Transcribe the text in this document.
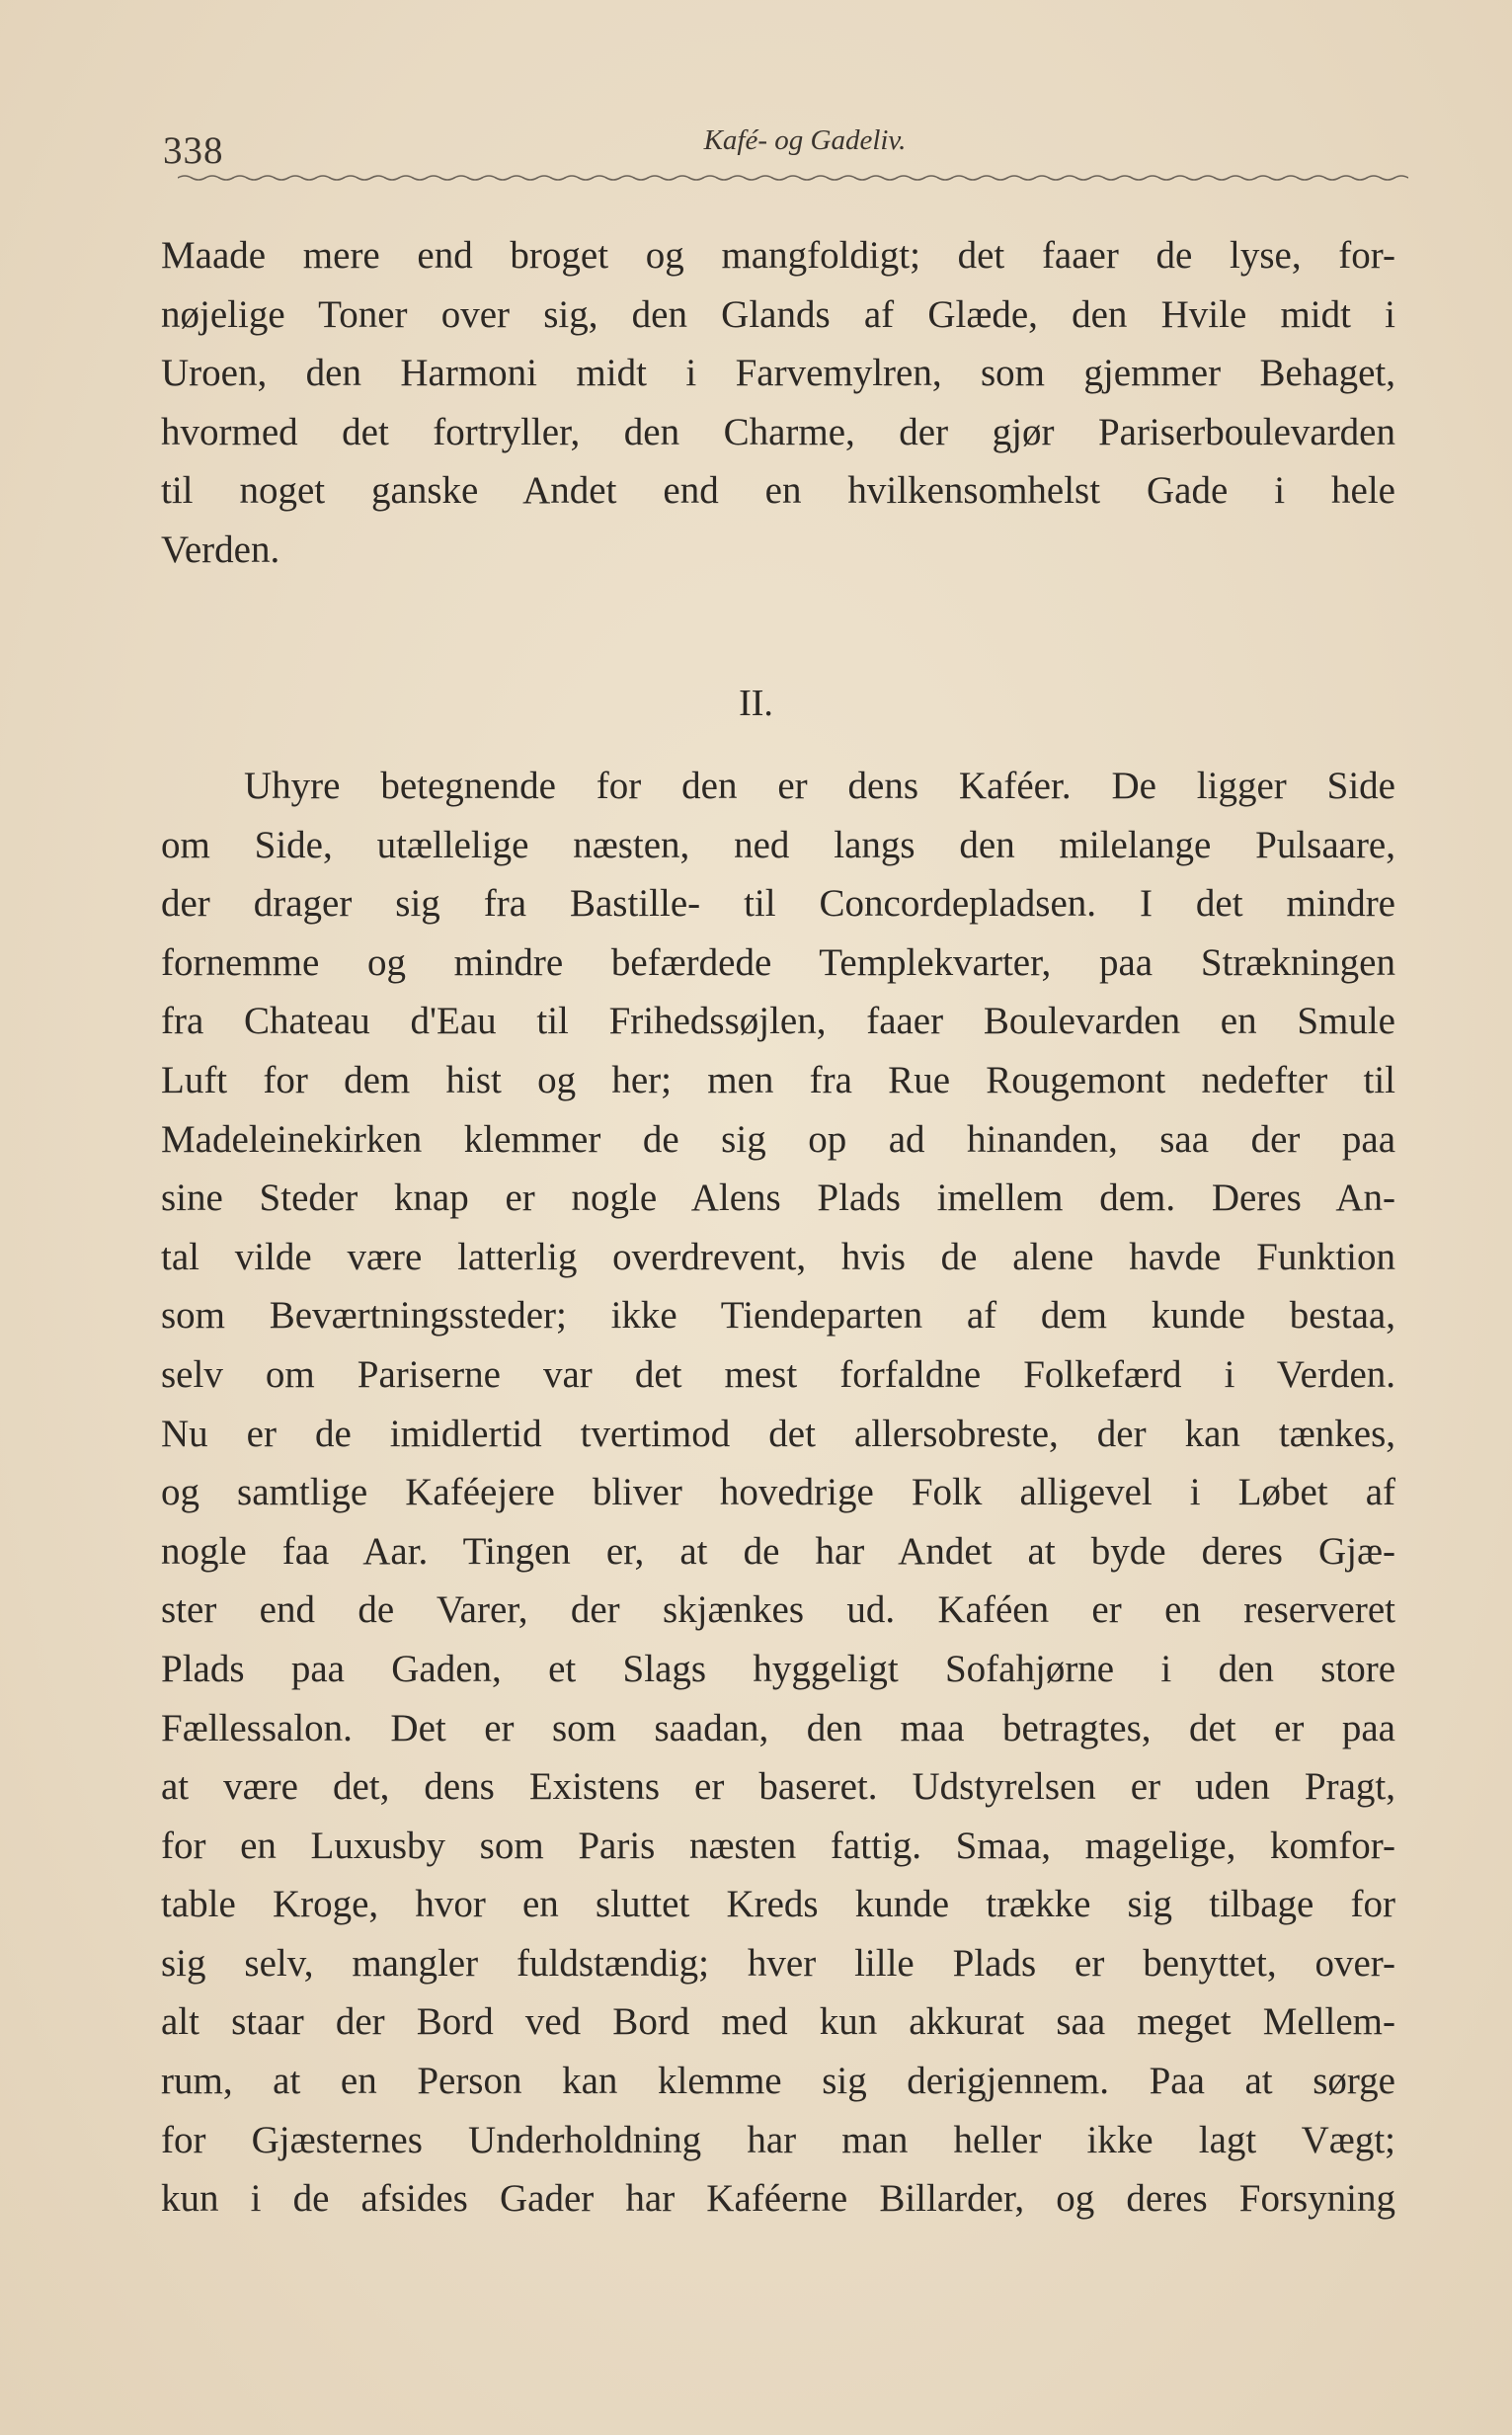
338	Kafé- og Gadeliv.
Maade mere end broget og mangfoldigt; det faaer de lyse, for-
nøjelige Toner over sig, den Glands af Glæde, den Hvile midt i
Uroen, den Harmoni midt i Farvemylren, som gjemmer Behaget,
hvormed det fortryller, den Charme, der gjør Pariserboulevarden
til noget ganske Andet end en hvilkensomhelst Gade i hele
Verden.
II.
Uhyre betegnende for den er dens Kaféer. De ligger Side
om Side, utællelige næsten, ned langs den milelange Pulsaare,
der drager sig fra Bastille- til Concordepladsen. I det mindre
fornemme og mindre befærdede Templekvarter, paa Strækningen
fra Chateau d'Eau til Frihedssøjlen, faaer Boulevarden en Smule
Luft for dem hist og her; men fra Rue Rougemont nedefter til
Madeleinekirken klemmer de sig op ad hinanden, saa der paa
sine Steder knap er nogle Alens Plads imellem dem. Deres An-
tal vilde være latterlig overdrevent, hvis de alene havde Funktion
som Beværtningssteder; ikke Tiendeparten af dem kunde bestaa,
selv om Pariserne var det mest forfaldne Folkefærd i Verden.
Nu er de imidlertid tvertimod det allersobreste, der kan tænkes,
og samtlige Kaféejere bliver hovedrige Folk alligevel i Løbet af
nogle faa Aar. Tingen er, at de har Andet at byde deres Gjæ-
ster end de Varer, der skjænkes ud. Kaféen er en reserveret
Plads paa Gaden, et Slags hyggeligt Sofahjørne i den store
Fællessalon. Det er som saadan, den maa betragtes, det er paa
at være det, dens Existens er baseret. Udstyrelsen er uden Pragt,
for en Luxusby som Paris næsten fattig. Smaa, magelige, komfor-
table Kroge, hvor en sluttet Kreds kunde trække sig tilbage for
sig selv, mangler fuldstændig; hver lille Plads er benyttet, over-
alt staar der Bord ved Bord med kun akkurat saa meget Mellem-
rum, at en Person kan klemme sig derigjennem. Paa at sørge
for Gjæsternes Underholdning har man heller ikke lagt Vægt;
kun i de afsides Gader har Kaféerne Billarder, og deres Forsyning
